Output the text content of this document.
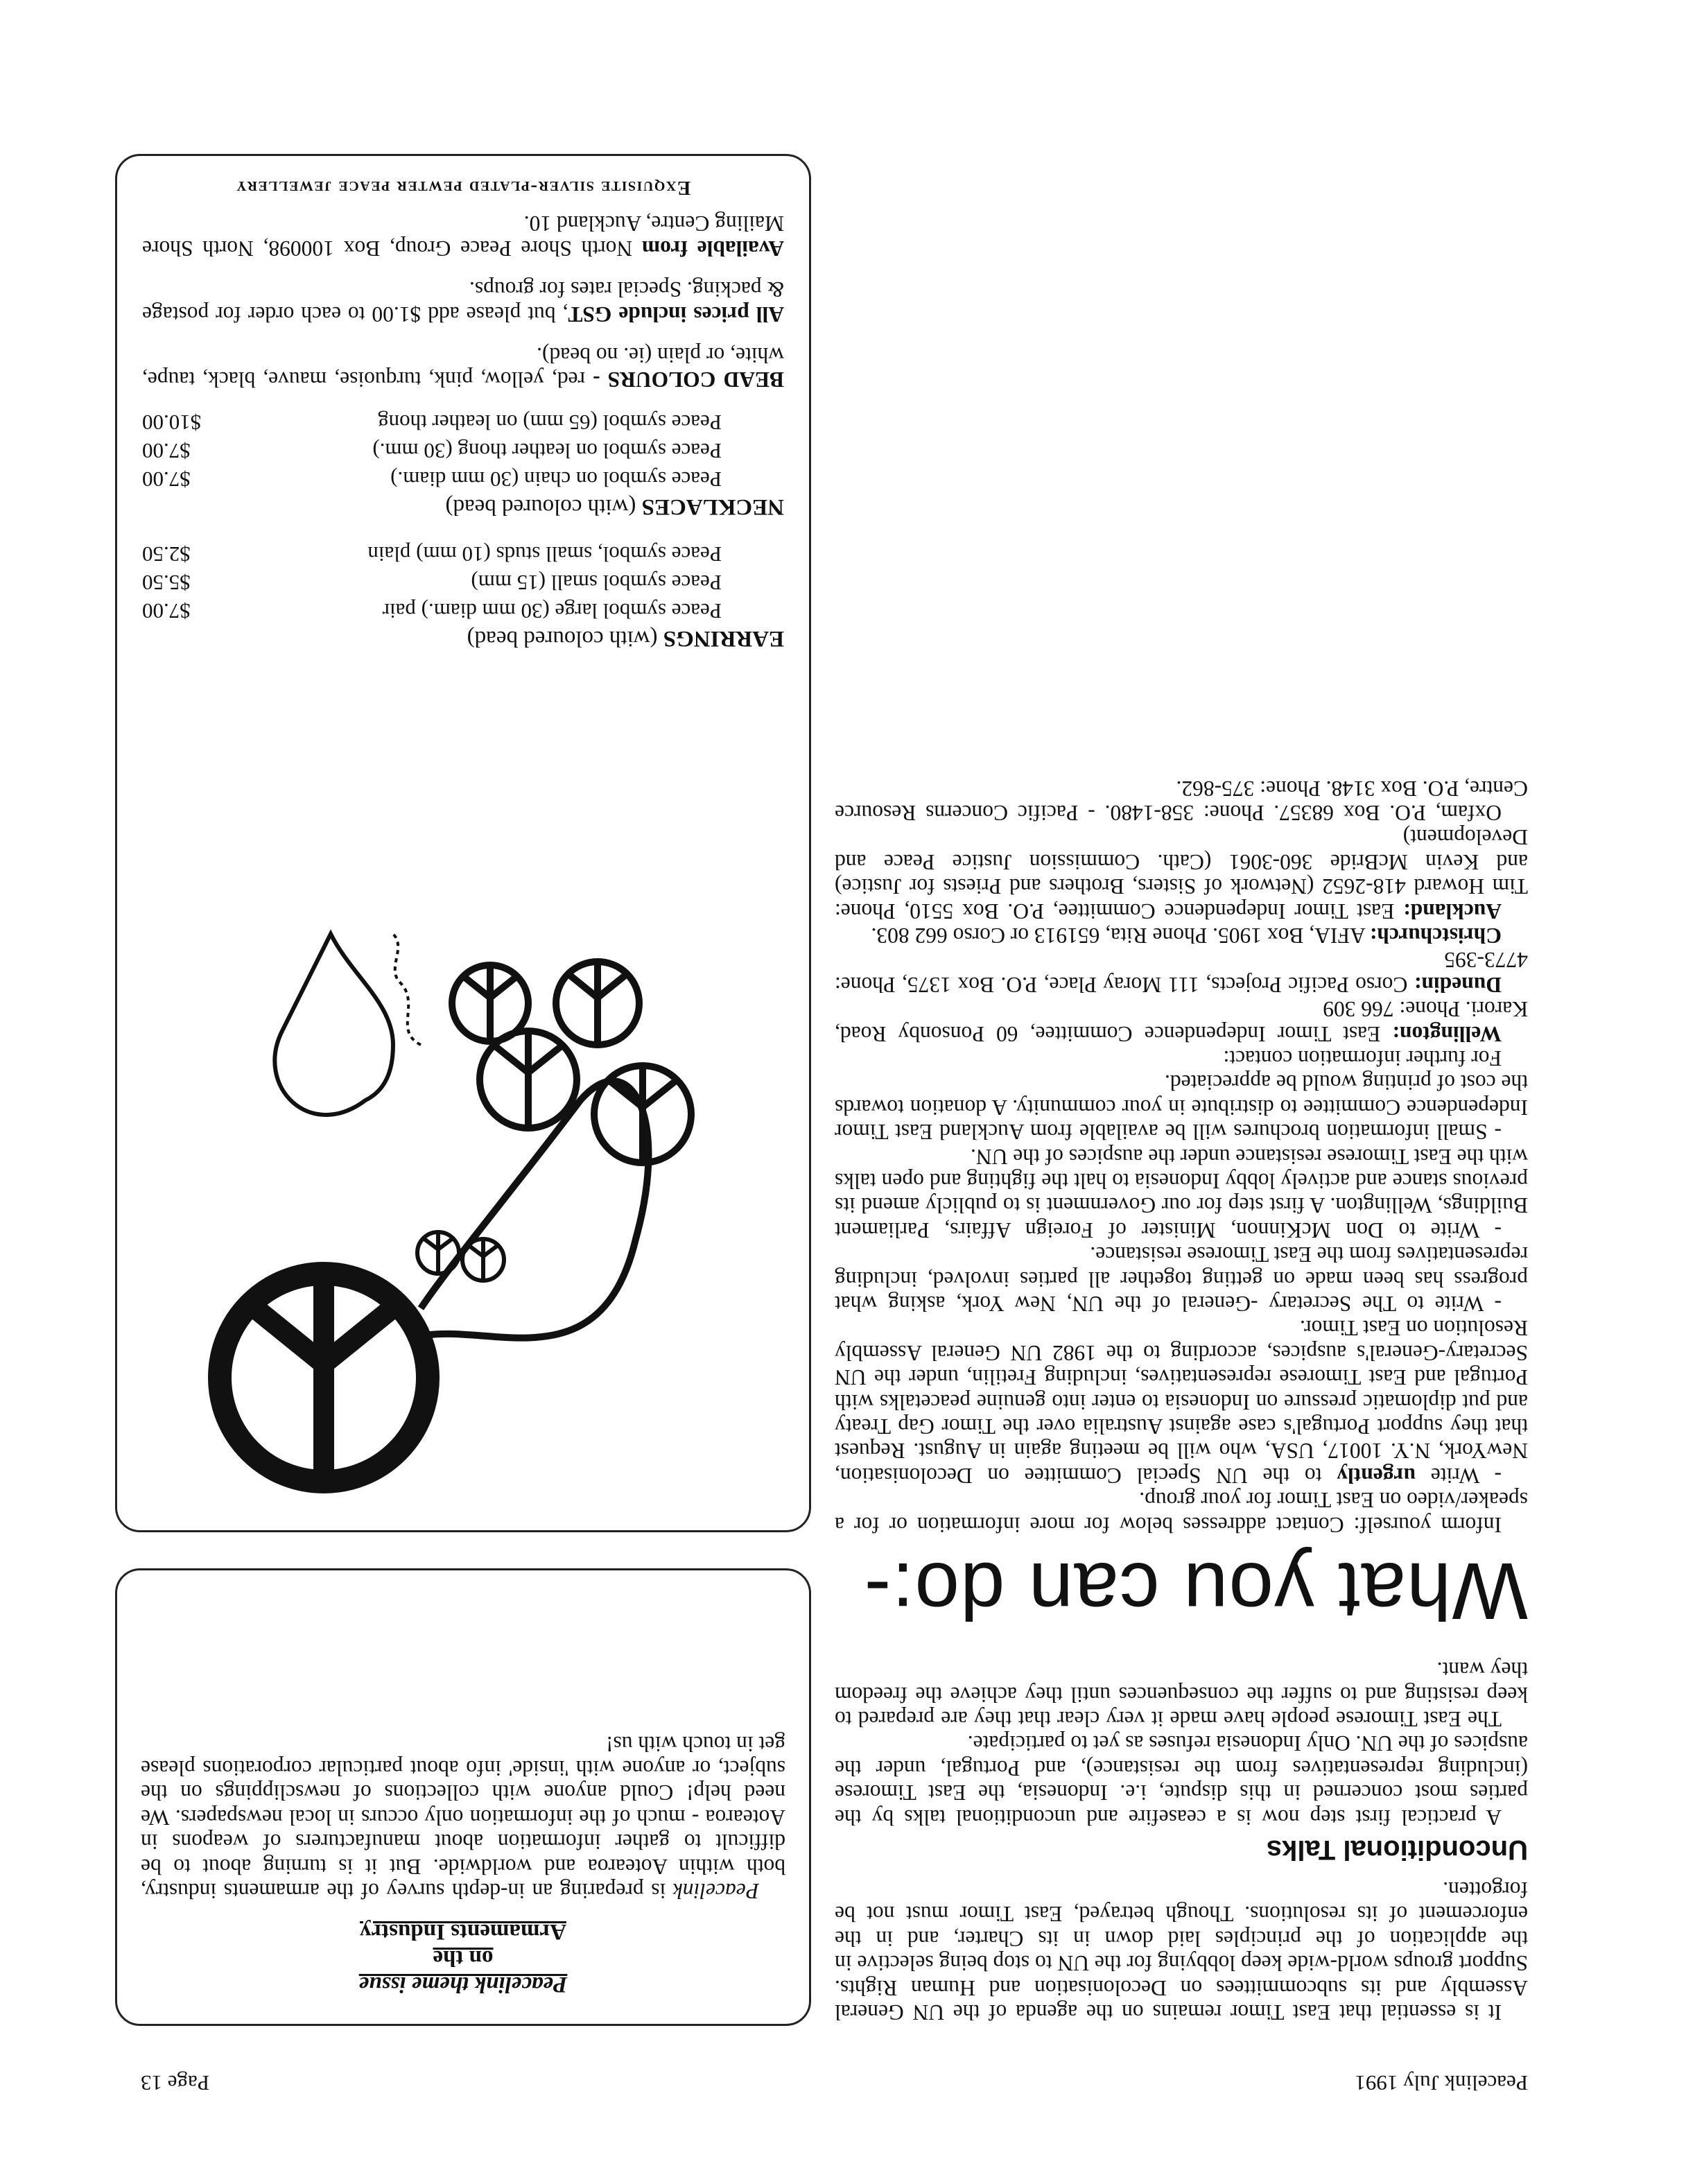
Peacelink July 1991
Page 13

It is essential that East Timor remains on the agenda of the UN General Assembly and its subcommittees on Decolonisation and Human Rights. Support groups world-wide keep lobbying for the UN to stop being selective in the application of the principles laid down in its Charter, and in the enforcement of its resolutions. Though betrayed, East Timor must not be forgotten.

Unconditional Talks

A practical first step now is a ceasefire and unconditional talks by the parties most concerned in this dispute, i.e. Indonesia, the East Timorese (including representatives from the resistance), and Portugal, under the auspices of the UN. Only Indonesia refuses as yet to participate.

The East Timorese people have made it very clear that they are prepared to keep resisting and to suffer the consequences until they achieve the freedom they want.

What you can do:-

Inform yourself: Contact addresses below for more information or for a speaker/video on East Timor for your group.

- Write urgently to the UN Special Committee on Decolonisation, NewYork, N.Y. 10017, USA, who will be meeting again in August. Request that they support Portugal's case against Australia over the Timor Gap Treaty and put diplomatic pressure on Indonesia to enter into genuine peacetalks with Portugal and East Timorese representatives, including Fretilin, under the UN Secretary-General's auspices, according to the 1982 UN General Assembly Resolution on East Timor.

- Write to The Secretary -General of the UN, New York, asking what progress has been made on getting together all parties involved, including representatives from the East Timorese resistance.

- Write to Don McKinnon, Minister of Foreign Affairs, Parliament Buildings, Wellington. A first step for our Government is to publicly amend its previous stance and actively lobby Indonesia to halt the fighting and open talks with the East Timorese resistance under the auspices of the UN.

- Small information brochures will be available from Auckland East Timor Independence Committee to distribute in your community. A donation towards the cost of printing would be appreciated.

For further information contact:

Wellington: East Timor Independence Committee, 60 Ponsonby Road, Karori. Phone: 766 309

Dunedin: Corso Pacific Projects, 111 Moray Place, P.O. Box 1375, Phone: 4773-395

Christchurch: AFIA, Box 1905. Phone Rita, 651913 or Corso 662 803.

Auckland: East Timor Independence Committee, P.O. Box 5510, Phone: Tim Howard 418-2652 (Network of Sisters, Brothers and Priests for Justice) and Kevin McBride 360-3061 (Cath. Commission Justice Peace and Development)

Oxfam, P.O. Box 68357. Phone: 358-1480. - Pacific Concerns Resource Centre, P.O. Box 3148. Phone: 375-862.

Peacelink theme issue
on the
Armaments Industry

Peacelink is preparing an in-depth survey of the armaments industry, both within Aotearoa and worldwide. But it is turning about to be difficult to gather information about manufacturers of weapons in Aotearoa - much of the information only occurs in local newspapers. We need help! Could anyone with collections of newsclippings on the subject, or anyone with 'inside' info about particular corporations please get in touch with us!

Exquisite silver-plated pewter peace jewellery
EARRINGS (with coloured bead)
Peace symbol large (30 mm diam.) pair
$7.00
Peace symbol small (15 mm)
$5.50
Peace symbol, small studs (10 mm) plain
$2.50
NECKLACES (with coloured bead)
Peace symbol on chain (30 mm diam.)
$7.00
Peace symbol on leather thong (30 mm.)
$7.00
Peace symbol (65 mm) on leather thong
$10.00

BEAD COLOURS - red, yellow, pink, turquoise, mauve, black, taupe, white, or plain (ie. no bead).

All prices include GST, but please add $1.00 to each order for postage & packing. Special rates for groups.

Available from North Shore Peace Group, Box 100098, North Shore Mailing Centre, Auckland 10.
